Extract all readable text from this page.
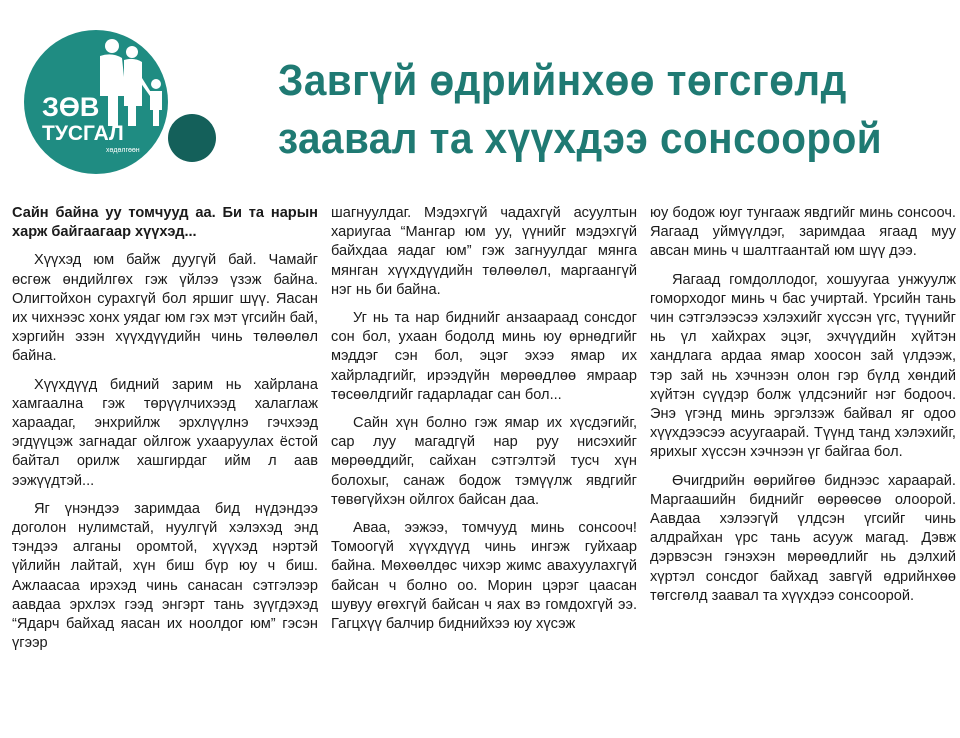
ЗӨВ
ТУСГАЛ
хөдөлгөөн
Завгүй өдрийнхөө төгсгөлд
заавал та хүүхдээ сонсоорой

Сайн байна уу томчууд аа. Би та нарын харж байгаагаар хүүхэд...

Хүүхэд юм байж дуугүй бай. Чамайг өсгөж өндийлгөх гэж үйлээ үзэж байна. Олигтойхон сурахгүй бол яршиг шүү. Яасан их чихнээс хонх уядаг юм гэх мэт үгсийн бай, хэргийн эзэн хүүхдүүдийн чинь төлөөлөл байна.

Хүүхдүүд бидний зарим нь хайрлана хамгаална гэж төрүүлчихээд халаглаж хараадаг, энхрийлж эрхлүүлнэ гэчхээд эгдүүцэж загнадаг ойлгож ухааруулах ёстой байтал орилж хашгирдаг ийм л аав ээжүүдтэй...

Яг үнэндээ заримдаа бид нүдэндээ доголон нулимстай, нуулгүй хэлэхэд энд тэндээ алганы оромтой, хүүхэд нэртэй үйлийн лайтай, хүн биш бүр юу ч биш. Ажлаасаа ирэхэд чинь санасан сэтгэлээр аавдаа эрхлэх гээд энгэрт тань зүүгдэхэд “Ядарч байхад яасан их ноолдог юм” гэсэн үгээр

шагнуулдаг. Мэдэхгүй чадахгүй асуултын хариугаа “Мангар юм уу, үүнийг мэдэхгүй байхдаа яадаг юм” гэж загнуулдаг мянга мянган хүүхдүүдийн төлөөлөл, маргаангүй нэг нь би байна.

Уг нь та нар биднийг анзаараад сонсдог сон бол, ухаан бодолд минь юу өрнөдгийг мэддэг сэн бол, эцэг эхээ ямар их хайрладгийг, ирээдүйн мөрөөдлөө ямраар төсөөлдгийг гадарладаг сан бол...

Сайн хүн болно гэж ямар их хүсдэгийг, сар луу магадгүй нар руу нисэхийг мөрөөддийг, сайхан сэтгэлтэй тусч хүн болохыг, санаж бодож тэмүүлж явдгийг төвөгүйхэн ойлгох байсан даа.

Аваа, ээжээ, томчууд минь сонсооч! Томоогүй хүүхдүүд чинь ингэж гуйхаар байна. Мөхөөлдөс чихэр жимс авахуулахгүй байсан ч болно оо. Морин цэрэг цаасан шувуу өгөхгүй байсан ч яах вэ гомдохгүй ээ. Гагцхүү балчир биднийхээ юу хүсэж

юу бодож юуг тунгааж явдгийг минь сонсооч. Яагаад уймүүлдэг, заримдаа ягаад муу авсан минь ч шалтгаантай юм шүү дээ.

Яагаад гомдоллодог, хошуугаа унжуулж гоморходог минь ч бас учиртай. Үрсийн тань чин сэтгэлээсээ хэлэхийг хүссэн үгс, түүнийг нь үл хайхрах эцэг, эхчүүдийн хүйтэн хандлага ардаа ямар хоосон зай үлдээж, тэр зай нь хэчнээн олон гэр бүлд хөндий хүйтэн сүүдэр болж үлдсэнийг нэг бодооч. Энэ үгэнд минь эргэлзэж байвал яг одоо хүүхдээсээ асуугаарай. Түүнд танд хэлэхийг, ярихыг хүссэн хэчнээн үг байгаа бол.

Өчигдрийн өөрийгөө биднээс хараарай. Маргаашийн биднийг өөрөөсөө олоорой. Аавдаа хэлээгүй үлдсэн үгсийг чинь алдрайхан үрс тань асууж магад. Дэвж дэрвэсэн гэнэхэн мөрөөдлийг нь дэлхий хүртэл сонсдог байхад завгүй өдрийнхөө төгсгөлд заавал та хүүхдээ сонсоорой.
